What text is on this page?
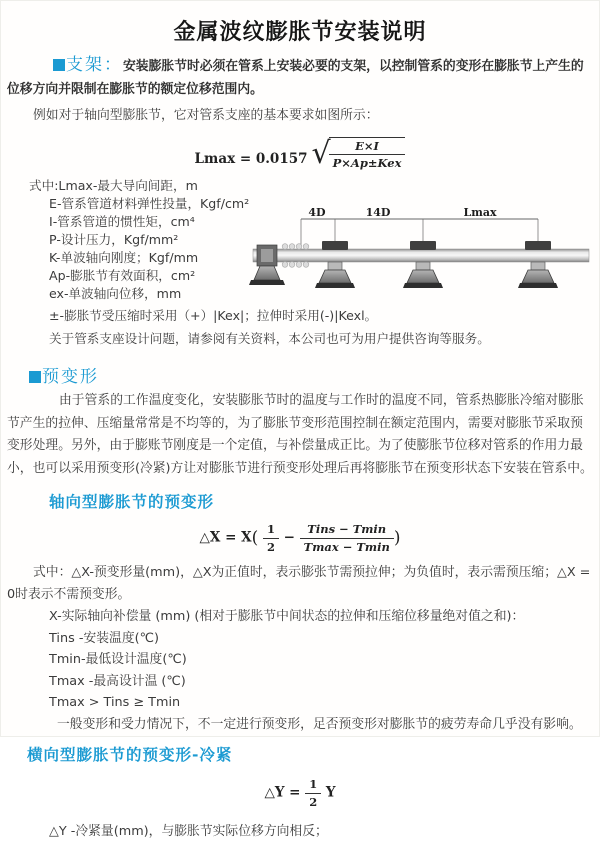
金属波纹膨胀节安装说明

支架：安装膨胀节时必须在管系上安装必要的支架，以控制管系的变形在膨胀节上产生的位移方向并限制在膨胀节的额定位移范围内。

例如对于轴向型膨胀节，它对管系支座的基本要求如图所示：

Lmax = 0.0157 √
$\frac{E\times I}{\text{P×Ap±Kex}}$
式中:Lmax-最大导向间距，m
E-管系管道材料弹性投量，Kgf/cm²
I-管系管道的惯性矩，cm⁴
P-设计压力，Kgf/mm²
K-单波轴向刚度；Kgf/mm
Ap-膨胀节有效面积，cm²
ex-单波轴向位移，mm
4D	14D	Lmax
±-膨胀节受压缩时采用（+）|Kex|；拉伸时采用(-)|Kexl。
关于管系支座设计问题，请参阅有关资料，本公司也可为用户提供咨询等服务。
预变形

由于管系的工作温度变化，安装膨胀节时的温度与工作时的温度不同，管系热膨胀冷缩对膨胀节产生的拉伸、压缩量常常是不均等的，为了膨胀节变形范围控制在额定范围内，需要对膨胀节采取预变形处理。另外，由于膨账节刚度是一个定值，与补偿量成正比。为了使膨胀节位移对管系的作用力最小，也可以采用预变形(冷紧)方让对膨胀节进行预变形处理后再将膨胀节在预变形状态下安装在管系中。

轴向型膨胀节的预变形
△X = $X( \frac{1}{2} - \frac{\text{Tins − Tmin}}{Tmax - Tmin}$ )

式中：△X-预变形量(mm)，△X为正值时，表示膨张节需预拉伸；为负值时，表示需预压缩；△X = 0时表示不需预变形。

X-实际轴向补偿量 (mm) (相对于膨胀节中间状态的拉伸和压缩位移量绝对值之和)：
Tins -安装温度(℃)
Tmin-最低设计温度(℃)
Tmax -最高设计温 (℃)
Tmax > Tins ≥ Tmin
一般变形和受力情况下，不一定进行预变形，足否预变形对膨胀节的疲劳寿命几乎没有影响。
横向型膨胀节的预变形-冷紧
△Y = $\frac{1}{2}$ Y
△Y -冷紧量(mm)，与膨胀节实际位移方向相反；
